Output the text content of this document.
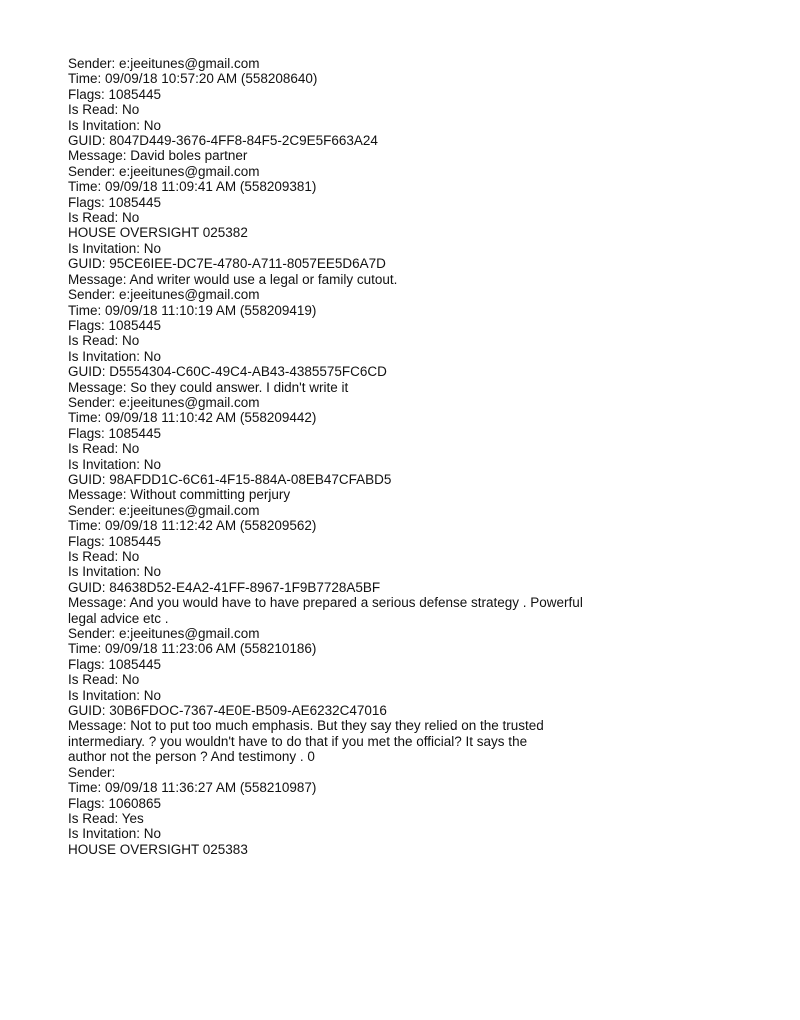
Sender: e:jeeitunes@gmail.com
Time: 09/09/18 10:57:20 AM (558208640)
Flags: 1085445
Is Read: No
Is Invitation: No
GUID: 8047D449-3676-4FF8-84F5-2C9E5F663A24
Message: David boles partner
Sender: e:jeeitunes@gmail.com
Time: 09/09/18 11:09:41 AM (558209381)
Flags: 1085445
Is Read: No
HOUSE OVERSIGHT 025382
Is Invitation: No
GUID: 95CE6IEE-DC7E-4780-A711-8057EE5D6A7D
Message: And writer would use a legal or family cutout.
Sender: e:jeeitunes@gmail.com
Time: 09/09/18 11:10:19 AM (558209419)
Flags: 1085445
Is Read: No
Is Invitation: No
GUID: D5554304-C60C-49C4-AB43-4385575FC6CD
Message: So they could answer. I didn't write it
Sender: e:jeeitunes@gmail.com
Time: 09/09/18 11:10:42 AM (558209442)
Flags: 1085445
Is Read: No
Is Invitation: No
GUID: 98AFDD1C-6C61-4F15-884A-08EB47CFABD5
Message: Without committing perjury
Sender: e:jeeitunes@gmail.com
Time: 09/09/18 11:12:42 AM (558209562)
Flags: 1085445
Is Read: No
Is Invitation: No
GUID: 84638D52-E4A2-41FF-8967-1F9B7728A5BF
Message: And you would have to have prepared a serious defense strategy . Powerful
legal advice etc .
Sender: e:jeeitunes@gmail.com
Time: 09/09/18 11:23:06 AM (558210186)
Flags: 1085445
Is Read: No
Is Invitation: No
GUID: 30B6FDOC-7367-4E0E-B509-AE6232C47016
Message: Not to put too much emphasis. But they say they relied on the trusted
intermediary. ? you wouldn't have to do that if you met the official? It says the
author not the person ? And testimony . 0
Sender:
Time: 09/09/18 11:36:27 AM (558210987)
Flags: 1060865
Is Read: Yes
Is Invitation: No
HOUSE OVERSIGHT 025383
